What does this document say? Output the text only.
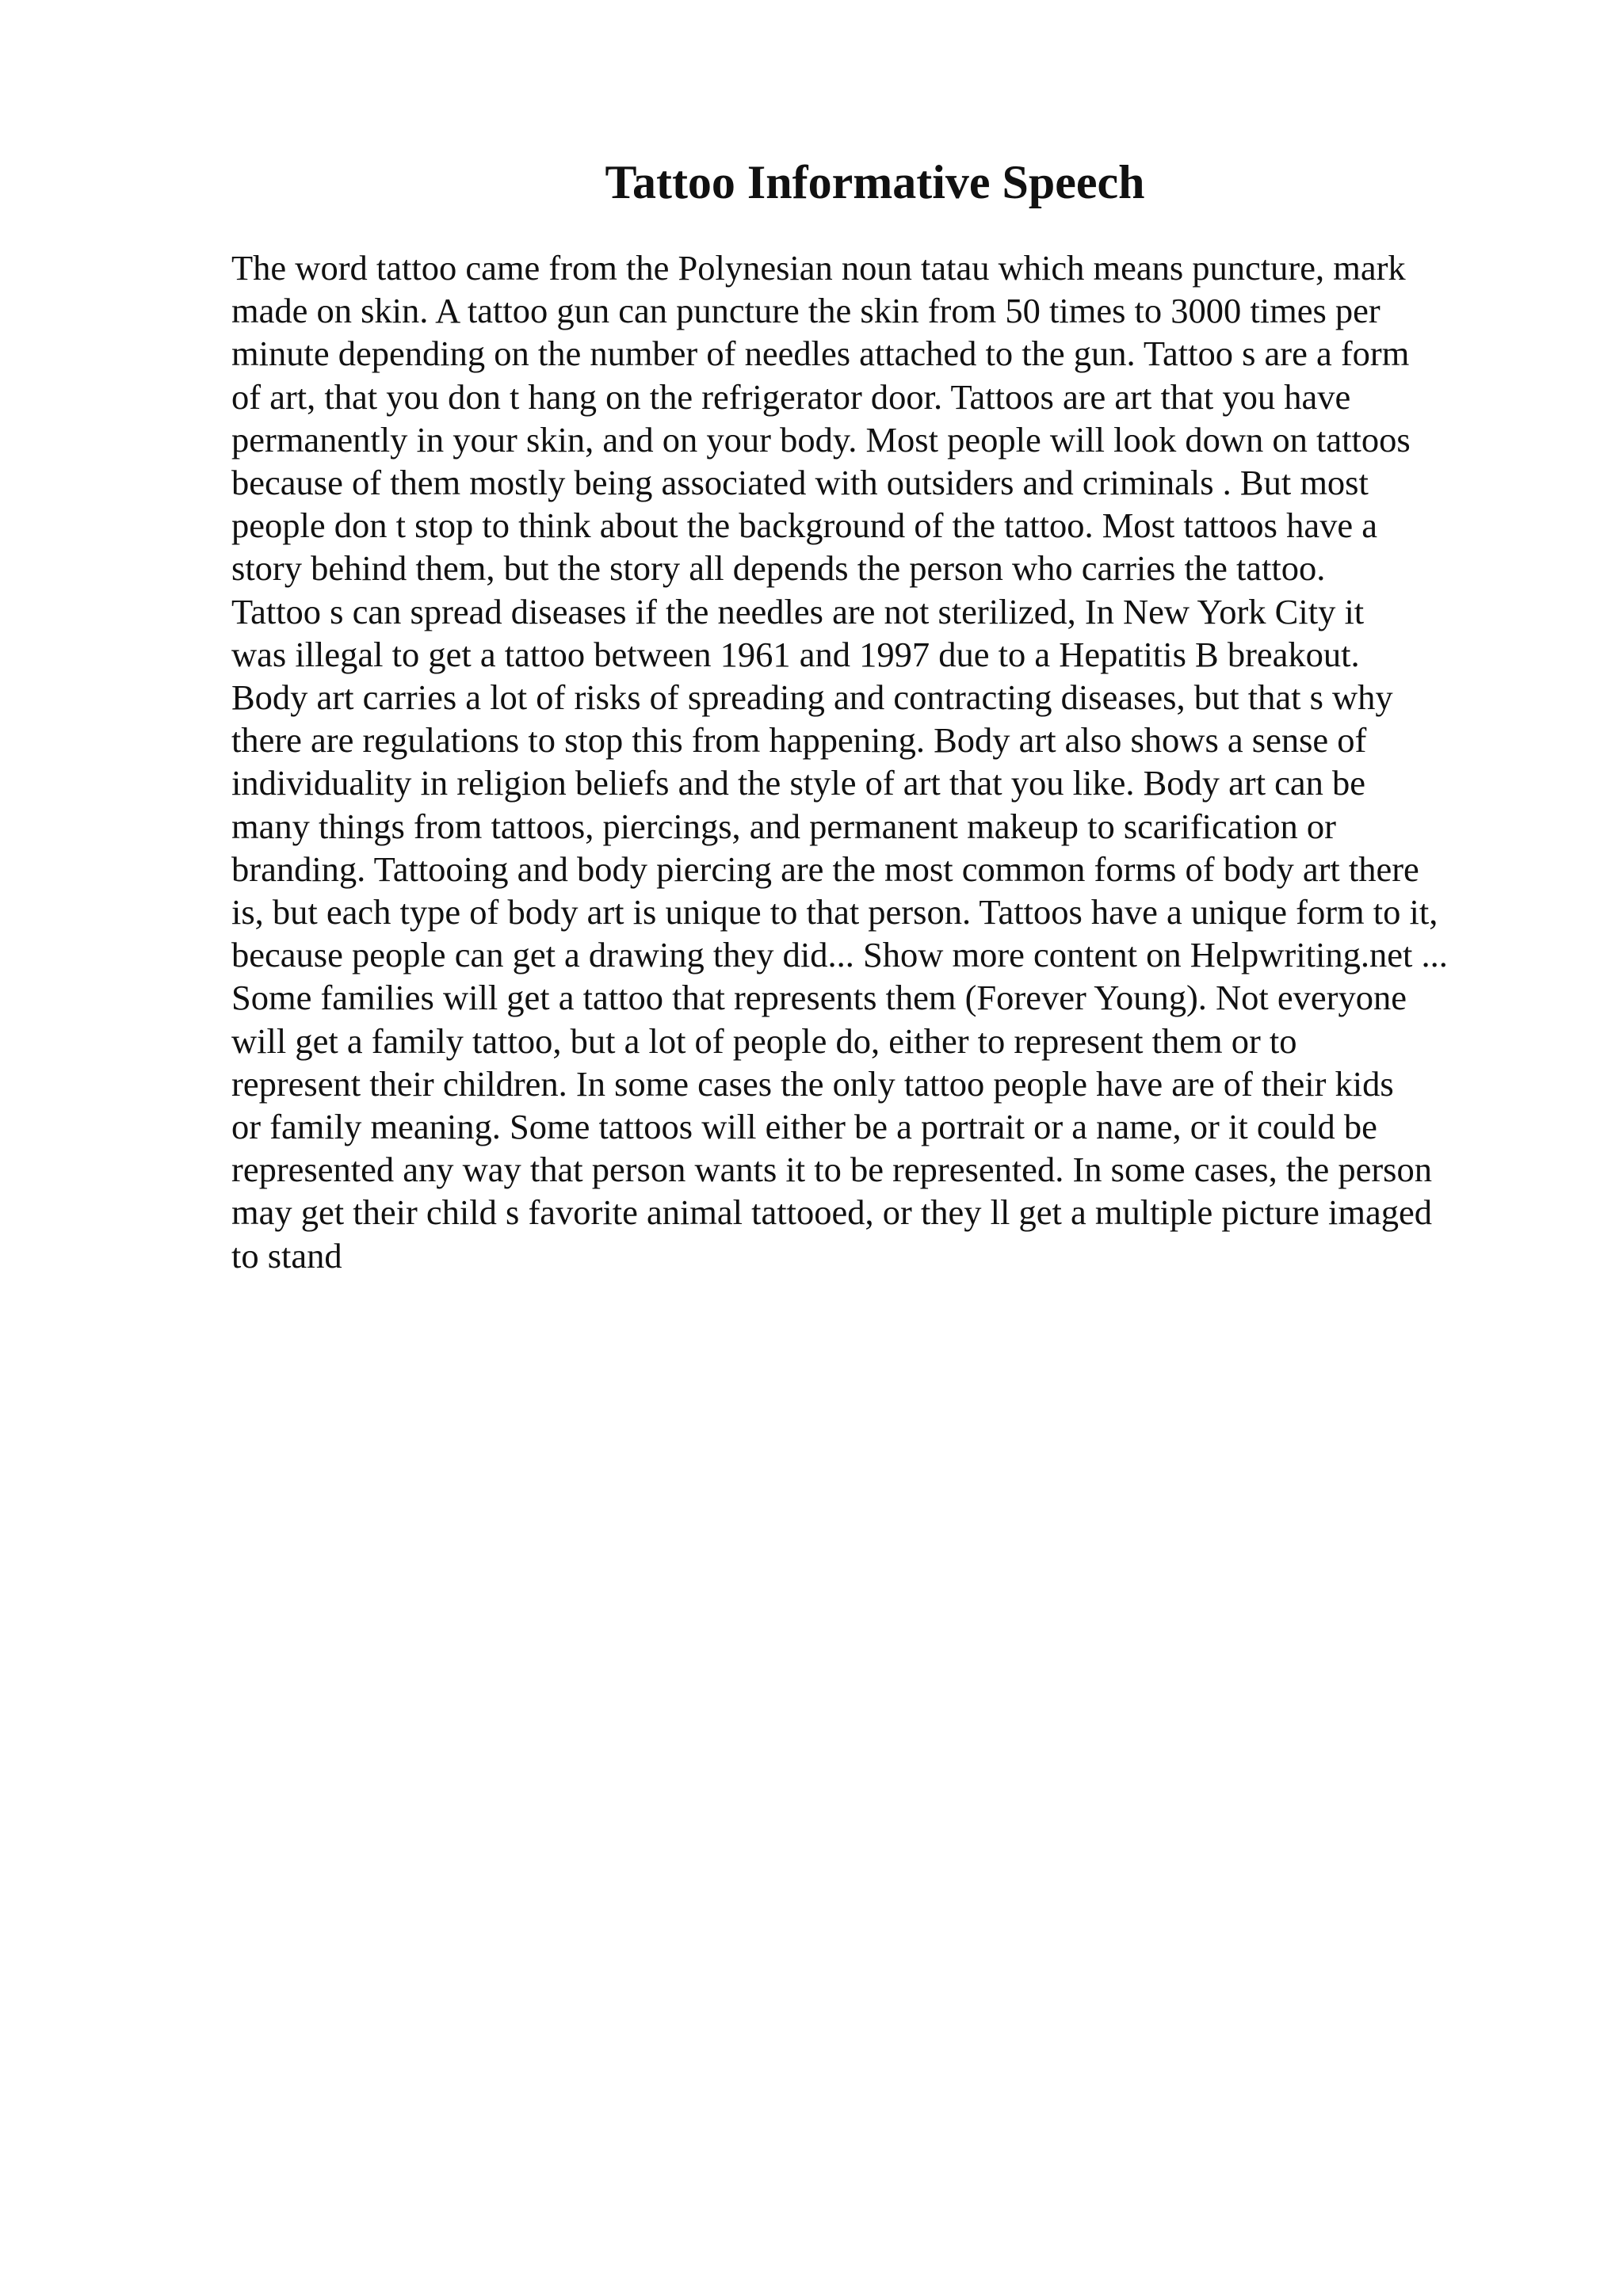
Tattoo Informative Speech
The word tattoo came from the Polynesian noun tatau which means puncture, mark
made on skin. A tattoo gun can puncture the skin from 50 times to 3000 times per
minute depending on the number of needles attached to the gun. Tattoo s are a form
of art, that you don t hang on the refrigerator door. Tattoos are art that you have
permanently in your skin, and on your body. Most people will look down on tattoos
because of them mostly being associated with outsiders and criminals . But most
people don t stop to think about the background of the tattoo. Most tattoos have a
story behind them, but the story all depends the person who carries the tattoo.
Tattoo s can spread diseases if the needles are not sterilized, In New York City it
was illegal to get a tattoo between 1961 and 1997 due to a Hepatitis B breakout.
Body art carries a lot of risks of spreading and contracting diseases, but that s why
there are regulations to stop this from happening. Body art also shows a sense of
individuality in religion beliefs and the style of art that you like. Body art can be
many things from tattoos, piercings, and permanent makeup to scarification or
branding. Tattooing and body piercing are the most common forms of body art there
is, but each type of body art is unique to that person. Tattoos have a unique form to it,
because people can get a drawing they did... Show more content on Helpwriting.net ...
Some families will get a tattoo that represents them (Forever Young). Not everyone
will get a family tattoo, but a lot of people do, either to represent them or to
represent their children. In some cases the only tattoo people have are of their kids
or family meaning. Some tattoos will either be a portrait or a name, or it could be
represented any way that person wants it to be represented. In some cases, the person
may get their child s favorite animal tattooed, or they ll get a multiple picture imaged
to stand
